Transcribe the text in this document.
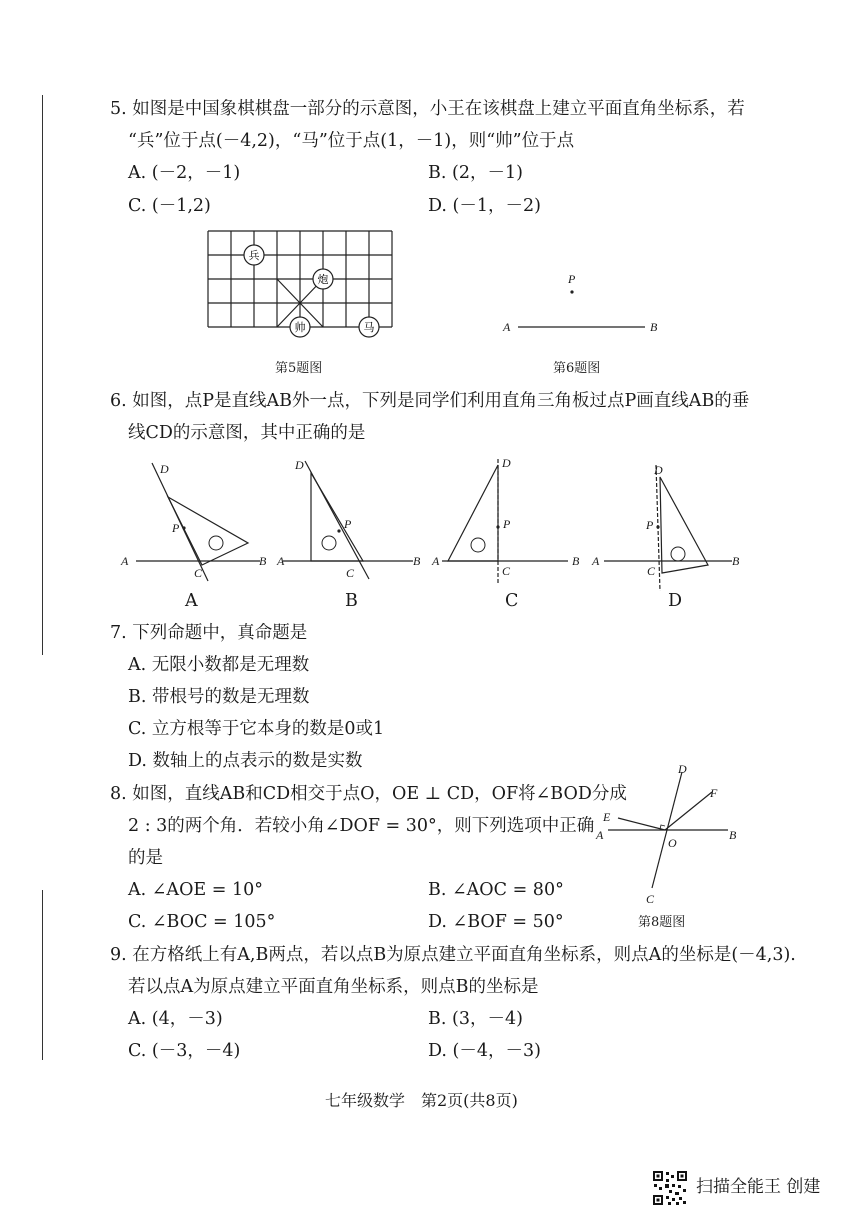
5. 如图是中国象棋棋盘一部分的示意图，小王在该棋盘上建立平面直角坐标系，若
“兵”位于点(－4,2)，“马”位于点(1，－1)，则“帅”位于点
A. (－2，－1)	B. (2，－1)
C. (－1,2)	D. (－1，－2)
兵
炮
帅	马
第5题图
P
A	B
第6题图
6. 如图，点P是直线AB外一点，下列是同学们利用直角三角板过点P画直线AB的垂
线CD的示意图，其中正确的是
D
P
A	B
C
A
D
P
A	B
C
B
D
P
A	B
C
C
D
P
A	B
C
D
7. 下列命题中，真命题是
A. 无限小数都是无理数
B. 带根号的数是无理数
C. 立方根等于它本身的数是0或1
D. 数轴上的点表示的数是实数
8. 如图，直线AB和CD相交于点O，OE ⊥ CD，OF将∠BOD分成
2 : 3的两个角．若较小角∠DOF = 30°，则下列选项中正确
的是
A. ∠AOE = 10°	B. ∠AOC = 80°
C. ∠BOC = 105°	D. ∠BOF = 50°
D
F
E
A	B
O
C
第8题图
9. 在方格纸上有A,B两点，若以点B为原点建立平面直角坐标系，则点A的坐标是(－4,3).
若以点A为原点建立平面直角坐标系，则点B的坐标是
A. (4，－3)	B. (3，－4)
C. (－3，－4)	D. (－4，－3)
七年级数学　第2页(共8页)
扫描全能王 创建
